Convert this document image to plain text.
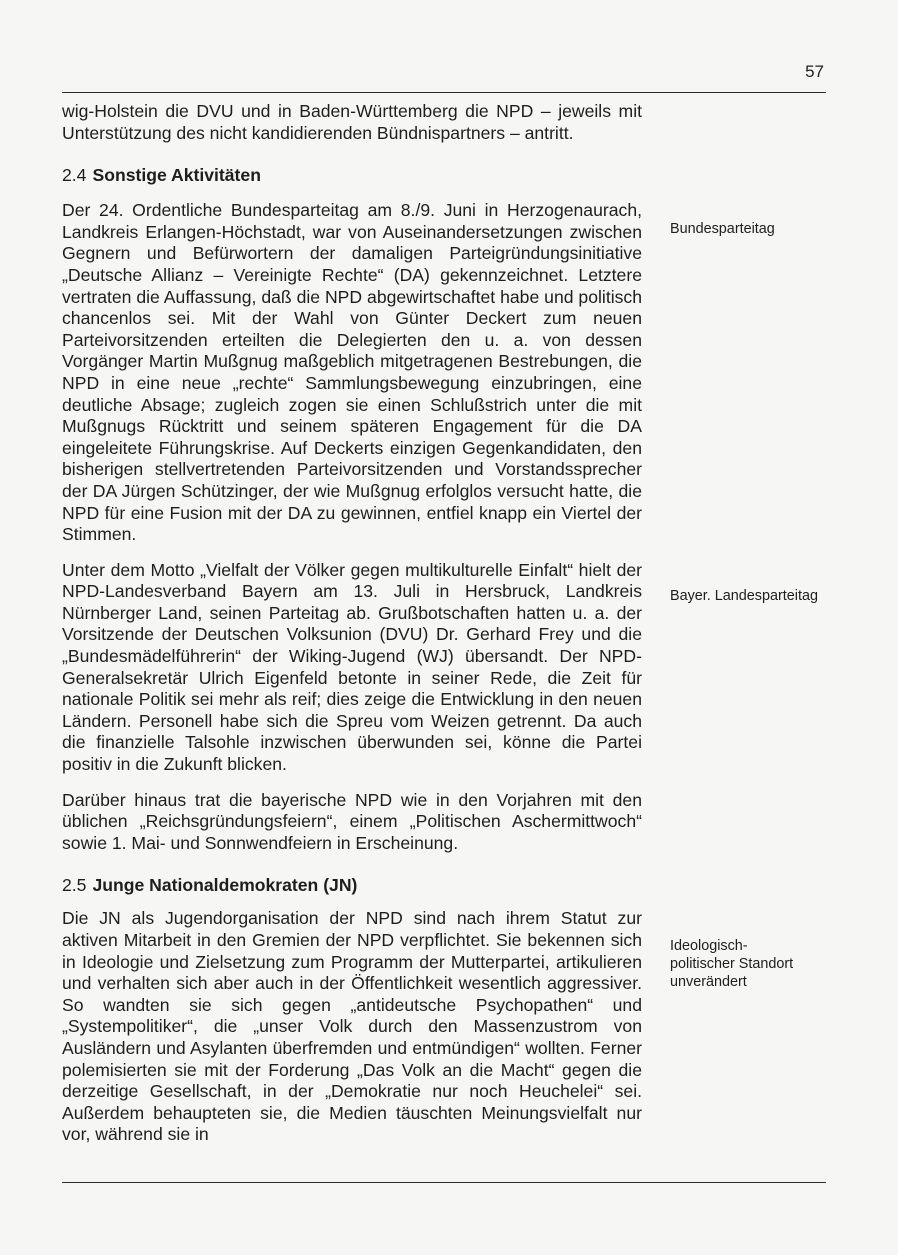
57

wig-Holstein die DVU und in Baden-Württemberg die NPD – jeweils mit Unterstützung des nicht kandidierenden Bündnispartners – antritt.

2.4 Sonstige Aktivitäten

Der 24. Ordentliche Bundesparteitag am 8./9. Juni in Herzogenaurach, Landkreis Erlangen-Höchstadt, war von Auseinandersetzungen zwischen Gegnern und Befürwortern der damaligen Parteigründungsinitiative „Deutsche Allianz – Vereinigte Rechte“ (DA) gekennzeichnet. Letztere vertraten die Auffassung, daß die NPD abgewirtschaftet habe und politisch chancenlos sei. Mit der Wahl von Günter Deckert zum neuen Parteivorsitzenden erteilten die Delegierten den u. a. von dessen Vorgänger Martin Mußgnug maßgeblich mitgetragenen Bestrebungen, die NPD in eine neue „rechte“ Sammlungsbewegung einzubringen, eine deutliche Absage; zugleich zogen sie einen Schlußstrich unter die mit Mußgnugs Rücktritt und seinem späteren Engagement für die DA eingeleitete Führungskrise. Auf Deckerts einzigen Gegenkandidaten, den bisherigen stellvertretenden Parteivorsitzenden und Vorstandssprecher der DA Jürgen Schützinger, der wie Mußgnug erfolglos versucht hatte, die NPD für eine Fusion mit der DA zu gewinnen, entfiel knapp ein Viertel der Stimmen.

Unter dem Motto „Vielfalt der Völker gegen multikulturelle Einfalt“ hielt der NPD-Landesverband Bayern am 13. Juli in Hersbruck, Landkreis Nürnberger Land, seinen Parteitag ab. Grußbotschaften hatten u. a. der Vorsitzende der Deutschen Volksunion (DVU) Dr. Gerhard Frey und die „Bundesmädelführerin“ der Wiking-Jugend (WJ) übersandt. Der NPD-Generalsekretär Ulrich Eigenfeld betonte in seiner Rede, die Zeit für nationale Politik sei mehr als reif; dies zeige die Entwicklung in den neuen Ländern. Personell habe sich die Spreu vom Weizen getrennt. Da auch die finanzielle Talsohle inzwischen überwunden sei, könne die Partei positiv in die Zukunft blicken.

Darüber hinaus trat die bayerische NPD wie in den Vorjahren mit den üblichen „Reichsgründungsfeiern“, einem „Politischen Aschermittwoch“ sowie 1. Mai- und Sonnwendfeiern in Erscheinung.

2.5 Junge Nationaldemokraten (JN)

Die JN als Jugendorganisation der NPD sind nach ihrem Statut zur aktiven Mitarbeit in den Gremien der NPD verpflichtet. Sie bekennen sich in Ideologie und Zielsetzung zum Programm der Mutterpartei, artikulieren und verhalten sich aber auch in der Öffentlichkeit wesentlich aggressiver. So wandten sie sich gegen „antideutsche Psychopathen“ und „Systempolitiker“, die „unser Volk durch den Massenzustrom von Ausländern und Asylanten überfremden und entmündigen“ wollten. Ferner polemisierten sie mit der Forderung „Das Volk an die Macht“ gegen die derzeitige Gesellschaft, in der „Demokratie nur noch Heuchelei“ sei. Außerdem behaupteten sie, die Medien täuschten Meinungsvielfalt nur vor, während sie in

Bundesparteitag
Bayer. Landesparteitag
Ideologisch-politischer Standort unverändert
